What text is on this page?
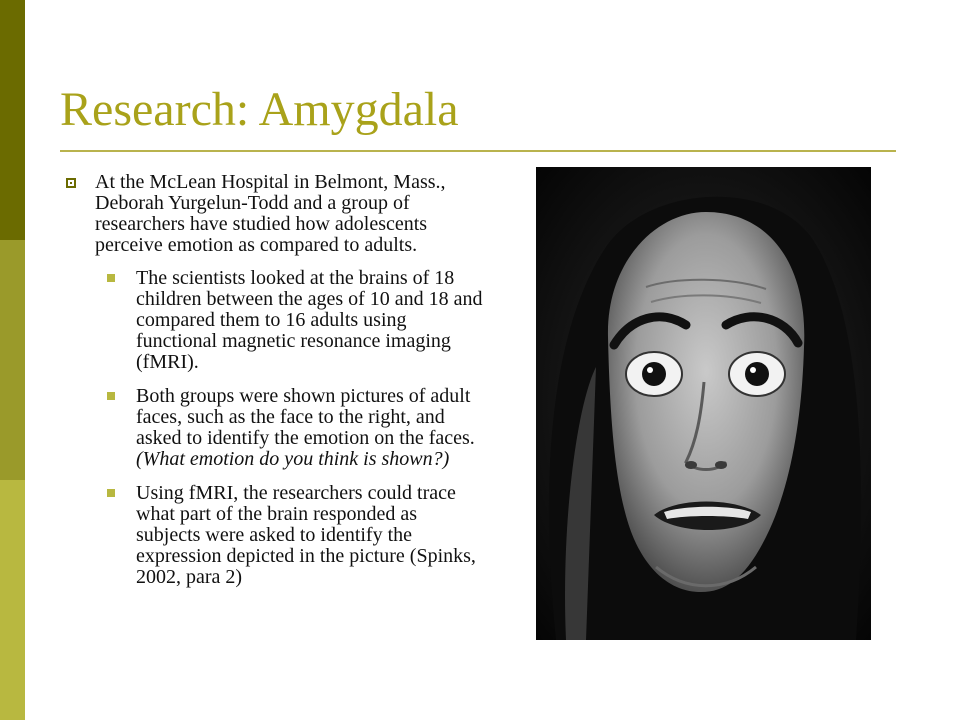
Research: Amygdala
At the McLean Hospital in Belmont, Mass., Deborah Yurgelun-Todd and a group of researchers have studied how adolescents perceive emotion as compared to adults.
The scientists looked at the brains of 18 children between the ages of 10 and 18 and compared them to 16 adults using functional magnetic resonance imaging (fMRI).
Both groups were shown pictures of adult faces, such as the face to the right, and asked to identify the emotion on the faces. (What emotion do you think is shown?)
Using fMRI, the researchers could trace what part of the brain responded as subjects were asked to identify the expression depicted in the picture (Spinks, 2002, para 2)
